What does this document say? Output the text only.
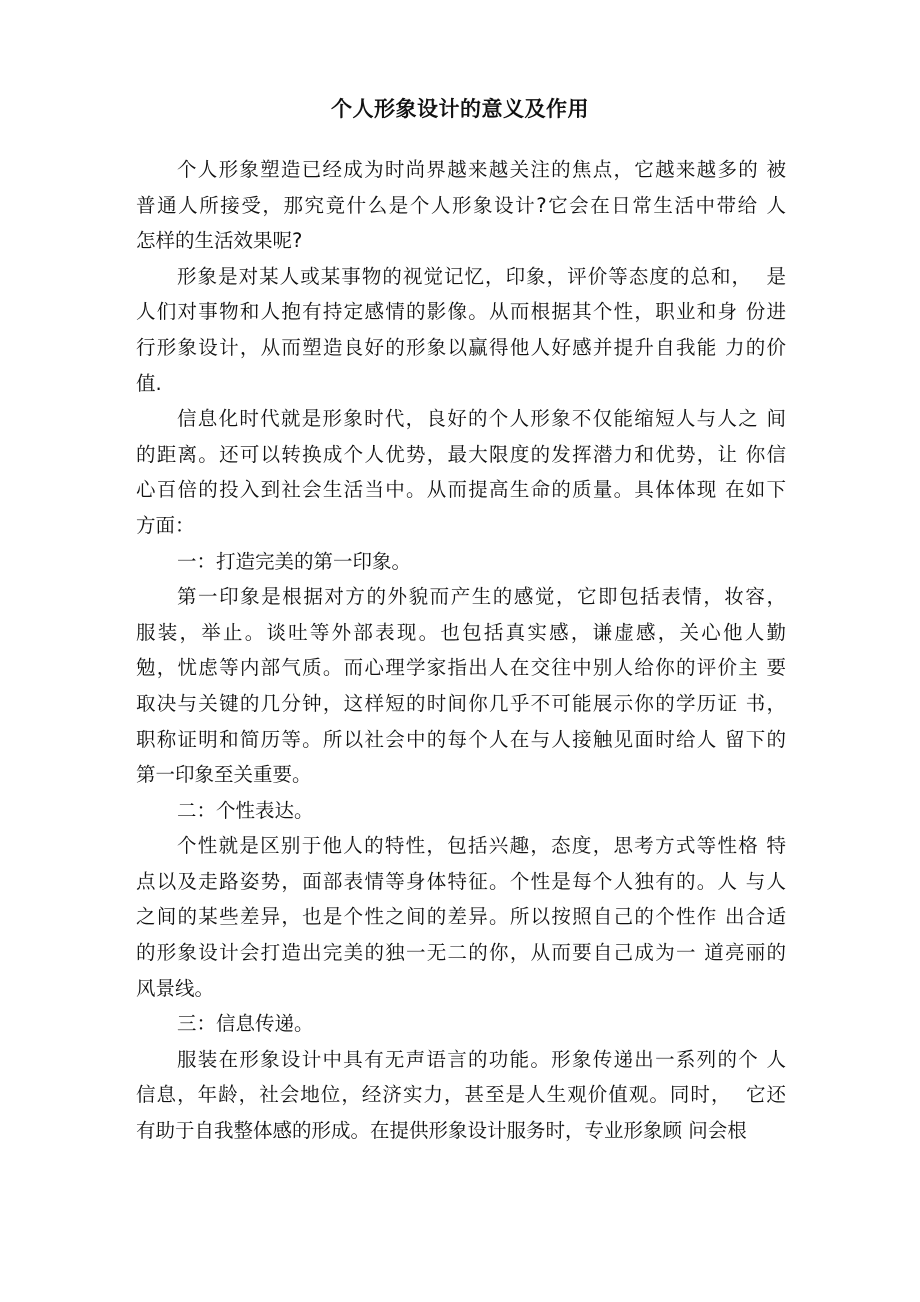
个人形象设计的意义及作用
个人形象塑造已经成为时尚界越来越关注的焦点，它越来越多的 被
普通人所接受，那究竟什么是个人形象设计?它会在日常生活中带给 人
怎样的生活效果呢?
形象是对某人或某事物的视觉记忆，印象，评价等态度的总和，  是
人们对事物和人抱有持定感情的影像。从而根据其个性，职业和身 份进
行形象设计，从而塑造良好的形象以赢得他人好感并提升自我能 力的价
值.
信息化时代就是形象时代，良好的个人形象不仅能缩短人与人之 间
的距离。还可以转换成个人优势，最大限度的发挥潜力和优势，让 你信
心百倍的投入到社会生活当中。从而提高生命的质量。具体体现 在如下
方面：
一：打造完美的第一印象。
第一印象是根据对方的外貌而产生的感觉，它即包括表情，妆容，
服装，举止。谈吐等外部表现。也包括真实感，谦虚感，关心他人勤
勉，忧虑等内部气质。而心理学家指出人在交往中别人给你的评价主 要
取决与关键的几分钟，这样短的时间你几乎不可能展示你的学历证 书，
职称证明和简历等。所以社会中的每个人在与人接触见面时给人 留下的
第一印象至关重要。
二：个性表达。
个性就是区别于他人的特性，包括兴趣，态度，思考方式等性格 特
点以及走路姿势，面部表情等身体特征。个性是每个人独有的。人 与人
之间的某些差异，也是个性之间的差异。所以按照自己的个性作 出合适
的形象设计会打造出完美的独一无二的你，从而要自己成为一 道亮丽的
风景线。
三：信息传递。
服装在形象设计中具有无声语言的功能。形象传递出一系列的个 人
信息，年龄，社会地位，经济实力，甚至是人生观价值观。同时，  它还
有助于自我整体感的形成。在提供形象设计服务时，专业形象顾 问会根
